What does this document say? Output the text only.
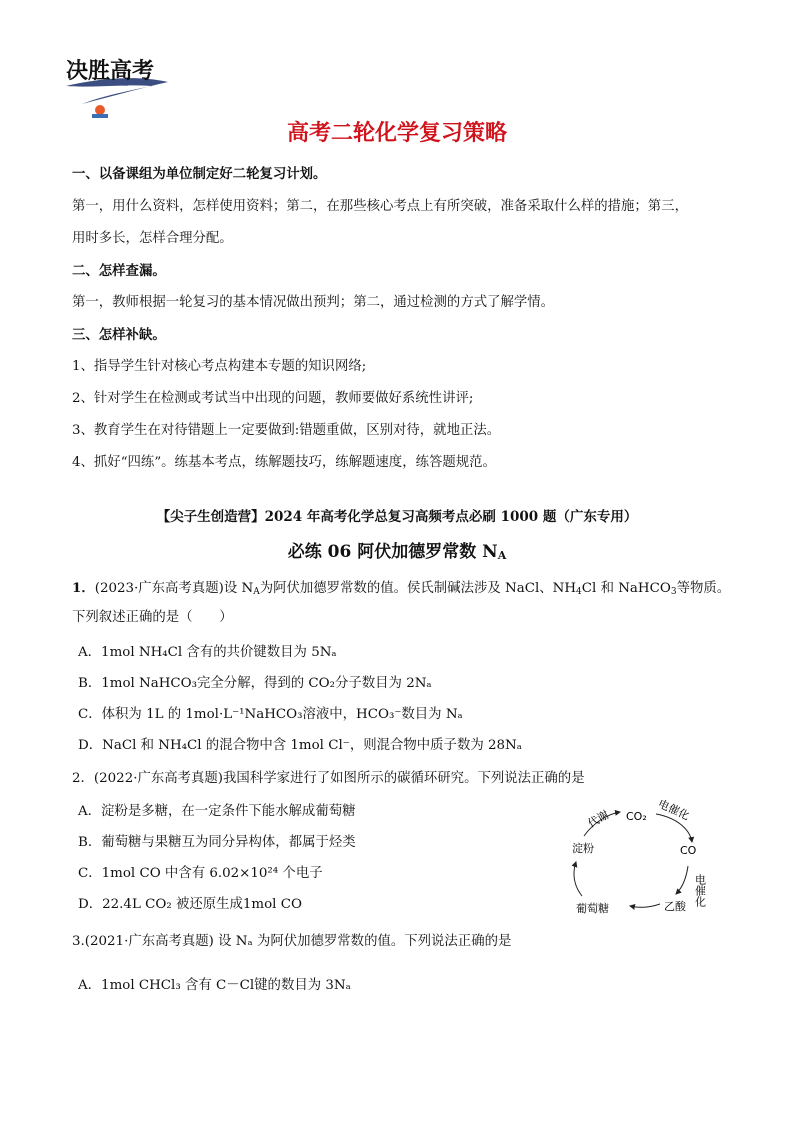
决胜高考
高考二轮化学复习策略
一、以备课组为单位制定好二轮复习计划。
第一，用什么资料，怎样使用资料；第二，在那些核心考点上有所突破，准备采取什么样的措施；第三，
用时多长，怎样合理分配。
二、怎样查漏。
第一，教师根据一轮复习的基本情况做出预判；第二，通过检测的方式了解学情。
三、怎样补缺。
1、指导学生针对核心考点构建本专题的知识网络;
2、针对学生在检测或考试当中出现的问题，教师要做好系统性讲评;
3、教育学生在对待错题上一定要做到:错题重做，区别对待，就地正法。
4、抓好“四练”。练基本考点，练解题技巧，练解题速度，练答题规范。
【尖子生创造营】2024 年高考化学总复习高频考点必刷 1000 题（广东专用）
必练 06 阿伏加德罗常数 NA
1．(2023·广东高考真题)设 $N_A$为阿伏加德罗常数的值。侯氏制碱法涉及 NaCl、$NH_4Cl$ 和 NaHCO$_3$等物质。
下列叙述正确的是（　　）
A．1mol NH₄Cl 含有的共价键数目为 5Nₐ
B．1mol NaHCO₃完全分解，得到的 CO₂分子数目为 2Nₐ
C．体积为 1L 的 1mol·L⁻¹NaHCO₃溶液中，HCO₃⁻数目为 Nₐ
D．NaCl 和 NH₄Cl 的混合物中含 1mol Cl⁻，则混合物中质子数为 28Nₐ
2．(2022·广东高考真题)我国科学家进行了如图所示的碳循环研究。下列说法正确的是
A．淀粉是多糖，在一定条件下能水解成葡萄糖
B．葡萄糖与果糖互为同分异构体，都属于烃类
C．1mol CO 中含有 6.02×10²⁴ 个电子
D．22.4L CO₂ 被还原生成1mol CO
CO₂
CO
乙酸
葡萄糖
淀粉
代谢	电催化
电催化
3.(2021·广东高考真题) 设 Nₐ 为阿伏加德罗常数的值。下列说法正确的是
A．1mol CHCl₃ 含有 C－Cl键的数目为 3Nₐ
